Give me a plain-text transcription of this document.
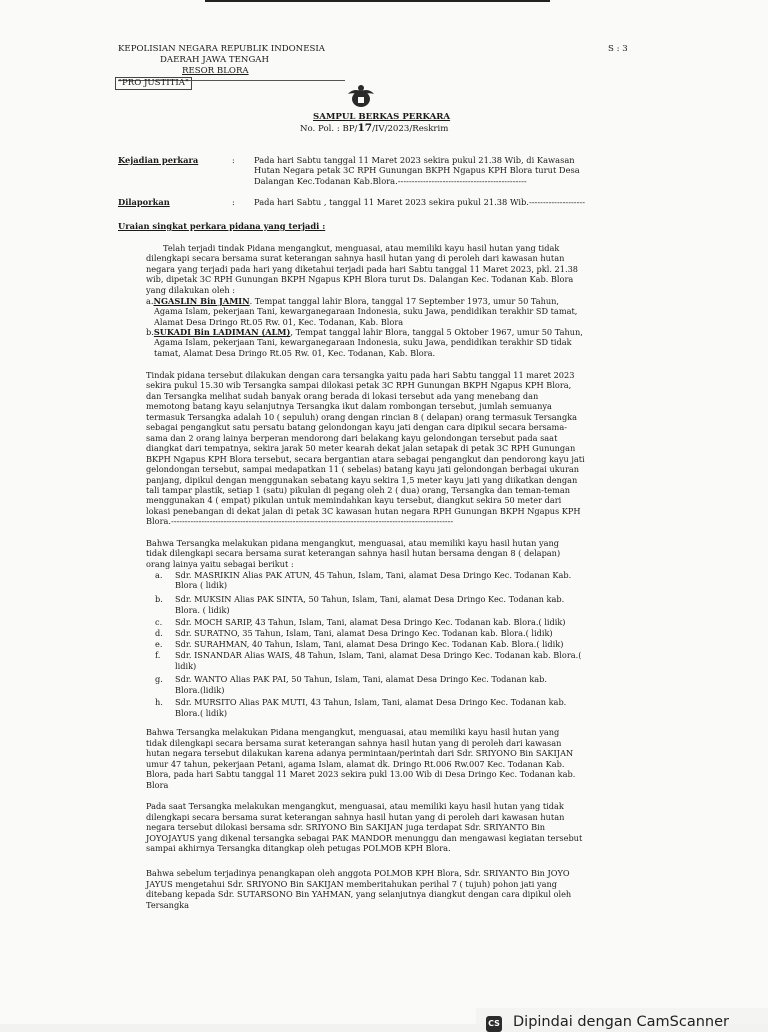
KEPOLISIAN NEGARA REPUBLIK INDONESIA
DAERAH JAWA TENGAH
RESOR BLORA
"PRO JUSTITIA"
S : 3
SAMPUL BERKAS PERKARA
No. Pol. : BP/17/IV/2023/Reskrim
Kejadian perkara	: Pada hari Sabtu tanggal 11 Maret 2023 sekira pukul 21.38 Wib, di Kawasan
Hutan Negara petak 3C RPH Gunungan BKPH Ngapus KPH Blora turut Desa
Dalangan Kec.Todanan Kab.Blora.----------------------------------------------
Dilaporkan	: Pada hari Sabtu , tanggal 11 Maret 2023 sekira pukul 21.38 Wib.--------------------
Uraian singkat perkara pidana yang terjadi :
Telah terjadi tindak Pidana mengangkut, menguasai, atau memiliki kayu hasil hutan yang tidak
dilengkapi secara bersama surat keterangan sahnya hasil hutan yang di peroleh dari kawasan hutan
negara yang terjadi pada hari yang diketahui terjadi pada hari Sabtu tanggal 11 Maret 2023, pkl. 21.38
wib, dipetak 3C RPH Gunungan BKPH Ngapus KPH Blora turut Ds. Dalangan Kec. Todanan Kab. Blora
yang dilakukan oleh :
a.NGASLIN Bin JAMIN. Tempat tanggal lahir Blora, tanggal 17 September 1973, umur 50 Tahun,
Agama Islam, pekerjaan Tani, kewarganegaraan Indonesia, suku Jawa, pendidikan terakhir SD tamat,
Alamat Desa Dringo Rt.05 Rw. 01, Kec. Todanan, Kab. Blora
b.SUKADI Bin LADIMAN (ALM), Tempat tanggal lahir Blora, tanggal 5 Oktober 1967, umur 50 Tahun,
Agama Islam, pekerjaan Tani, kewarganegaraan Indonesia, suku Jawa, pendidikan terakhir SD tidak
tamat, Alamat Desa Dringo Rt.05 Rw. 01, Kec. Todanan, Kab. Blora.
Tindak pidana tersebut dilakukan dengan cara tersangka yaitu pada hari Sabtu tanggal 11 maret 2023
sekira pukul 15.30 wib Tersangka sampai dilokasi petak 3C RPH Gunungan BKPH Ngapus KPH Blora,
dan Tersangka melihat sudah banyak orang berada di lokasi tersebut ada yang menebang dan
memotong batang kayu selanjutnya Tersangka ikut dalam rombongan tersebut, jumlah semuanya
termasuk Tersangka adalah 10 ( sepuluh) orang dengan rincian 8 ( delapan) orang termasuk Tersangka
sebagai pengangkut satu persatu batang gelondongan kayu jati dengan cara dipikul secara bersama-
sama dan 2 orang lainya berperan mendorong dari belakang kayu gelondongan tersebut pada saat
diangkat dari tempatnya, sekira jarak 50 meter kearah dekat jalan setapak di petak 3C RPH Gunungan
BKPH Ngapus KPH Blora tersebut, secara bergantian atara sebagai pengangkut dan pendorong kayu jati
gelondongan tersebut, sampai medapatkan 11 ( sebelas) batang kayu jati gelondongan berbagai ukuran
panjang, dipikul dengan menggunakan sebatang kayu sekira 1,5 meter kayu jati yang diikatkan dengan
tali tampar plastik, setiap 1 (satu) pikulan di pegang oleh 2 ( dua) orang, Tersangka dan teman-teman
menggunakan 4 ( empat) pikulan untuk memindahkan kayu tersebut, diangkut sekira 50 meter dari
lokasi penebangan di dekat jalan di petak 3C kawasan hutan negara RPH Gunungan BKPH Ngapus KPH
Blora.------------------------------------------------------------------------------------------------------
Bahwa Tersangka melakukan pidana mengangkut, menguasai, atau memiliki kayu hasil hutan yang
tidak dilengkapi secara bersama surat keterangan sahnya hasil hutan bersama dengan 8 ( delapan)
orang lainya yaitu sebagai berikut :
a. Sdr. MASRIKIN Alias PAK ATUN, 45 Tahun, Islam, Tani, alamat Desa Dringo Kec. Todanan Kab.
Blora ( lidik)
b. Sdr. MUKSIN Alias PAK SINTA, 50 Tahun, Islam, Tani, alamat Desa Dringo Kec. Todanan kab.
Blora. ( lidik)
c. Sdr. MOCH SARIP, 43 Tahun, Islam, Tani, alamat Desa Dringo Kec. Todanan kab. Blora.( lidik)
d. Sdr. SURATNO, 35 Tahun, Islam, Tani, alamat Desa Dringo Kec. Todanan kab. Blora.( lidik)
e. Sdr. SURAHMAN, 40 Tahun, Islam, Tani, alamat Desa Dringo Kec. Todanan Kab. Blora.( lidik)
f. Sdr. ISNANDAR Alias WAIS, 48 Tahun, Islam, Tani, alamat Desa Dringo Kec. Todanan kab. Blora.(
lidik)
g. Sdr. WANTO Alias PAK PAI, 50 Tahun, Islam, Tani, alamat Desa Dringo Kec. Todanan kab.
Blora.(lidik)
h. Sdr. MURSITO Alias PAK MUTI, 43 Tahun, Islam, Tani, alamat Desa Dringo Kec. Todanan kab.
Blora.( lidik)
Bahwa Tersangka melakukan Pidana mengangkut, menguasai, atau memiliki kayu hasil hutan yang
tidak dilengkapi secara bersama surat keterangan sahnya hasil hutan yang di peroleh dari kawasan
hutan negara tersebut dilakukan karena adanya permintaan/perintah dari Sdr. SRIYONO Bin SAKIJAN
umur 47 tahun, pekerjaan Petani, agama Islam, alamat dk. Dringo Rt.006 Rw.007 Kec. Todanan Kab.
Blora, pada hari Sabtu tanggal 11 Maret 2023 sekira pukl 13.00 Wib di Desa Dringo Kec. Todanan kab.
Blora
Pada saat Tersangka melakukan mengangkut, menguasai, atau memiliki kayu hasil hutan yang tidak
dilengkapi secara bersama surat keterangan sahnya hasil hutan yang di peroleh dari kawasan hutan
negara tersebut dilokasi bersama sdr. SRIYONO Bin SAKIJAN juga terdapat Sdr. SRIYANTO Bin
JOYOJAYUS yang dikenal tersangka sebagai PAK MANDOR menunggu dan mengawasi kegiatan tersebut
sampai akhirnya Tersangka ditangkap oleh petugas POLMOB KPH Blora.
Bahwa sebelum terjadinya penangkapan oleh anggota POLMOB KPH Blora, Sdr. SRIYANTO Bin JOYO
JAYUS mengetahui Sdr. SRIYONO Bin SAKIJAN memberitahukan perihal 7 ( tujuh) pohon jati yang
ditebang kepada Sdr. SUTARSONO Bin YAHMAN, yang selanjutnya diangkut dengan cara dipikul oleh
Tersangka
CS Dipindai dengan CamScanner
